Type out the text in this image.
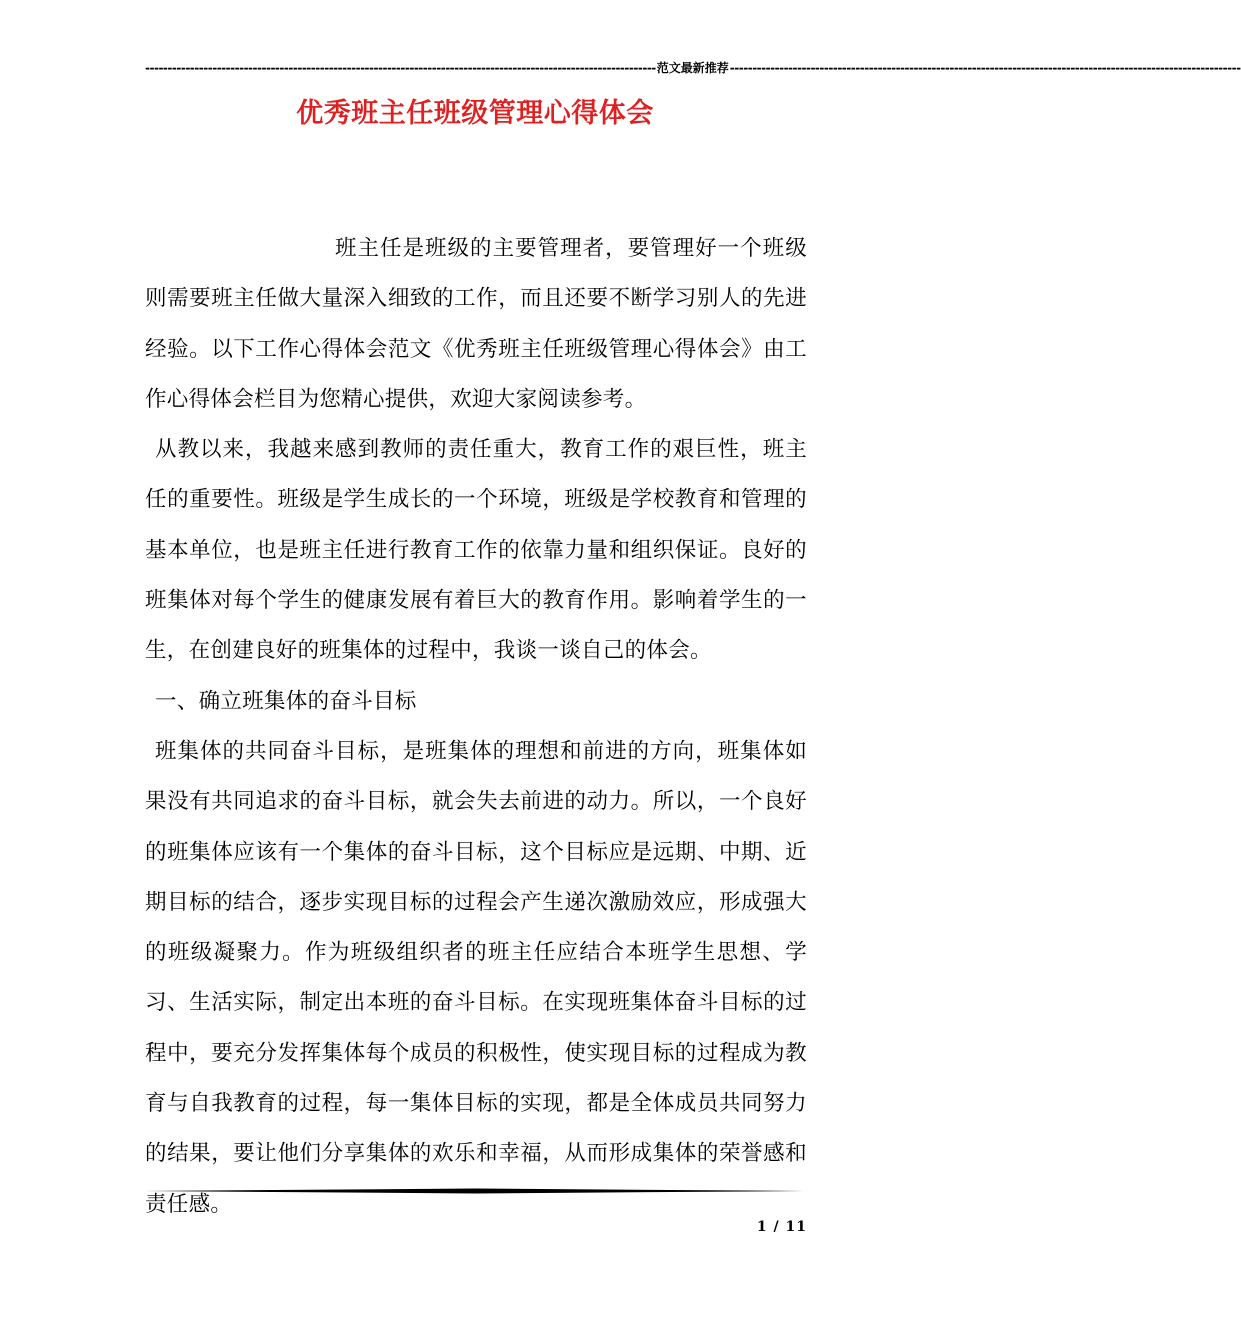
------------------------------------------------------------------------------------------------------------------ 范文最新推荐 ------------------------------------------------------------------------------------------------------------------
优秀班主任班级管理心得体会

班主任是班级的主要管理者，要管理好一个班级则需要班主任做大量深入细致的工作，而且还要不断学习别人的先进经验。以下工作心得体会范文《优秀班主任班级管理心得体会》由工作心得体会栏目为您精心提供，欢迎大家阅读参考。

从教以来，我越来感到教师的责任重大，教育工作的艰巨性，班主任的重要性。班级是学生成长的一个环境，班级是学校教育和管理的基本单位，也是班主任进行教育工作的依靠力量和组织保证。良好的班集体对每个学生的健康发展有着巨大的教育作用。影响着学生的一生，在创建良好的班集体的过程中，我谈一谈自己的体会。

一、确立班集体的奋斗目标

班集体的共同奋斗目标，是班集体的理想和前进的方向，班集体如果没有共同追求的奋斗目标，就会失去前进的动力。所以，一个良好的班集体应该有一个集体的奋斗目标，这个目标应是远期、中期、近期目标的结合，逐步实现目标的过程会产生递次激励效应，形成强大的班级凝聚力。作为班级组织者的班主任应结合本班学生思想、学习、生活实际，制定出本班的奋斗目标。在实现班集体奋斗目标的过程中，要充分发挥集体每个成员的积极性，使实现目标的过程成为教育与自我教育的过程，每一集体目标的实现，都是全体成员共同努力的结果，要让他们分享集体的欢乐和幸福，从而形成集体的荣誉感和责任感。

1 / 11
